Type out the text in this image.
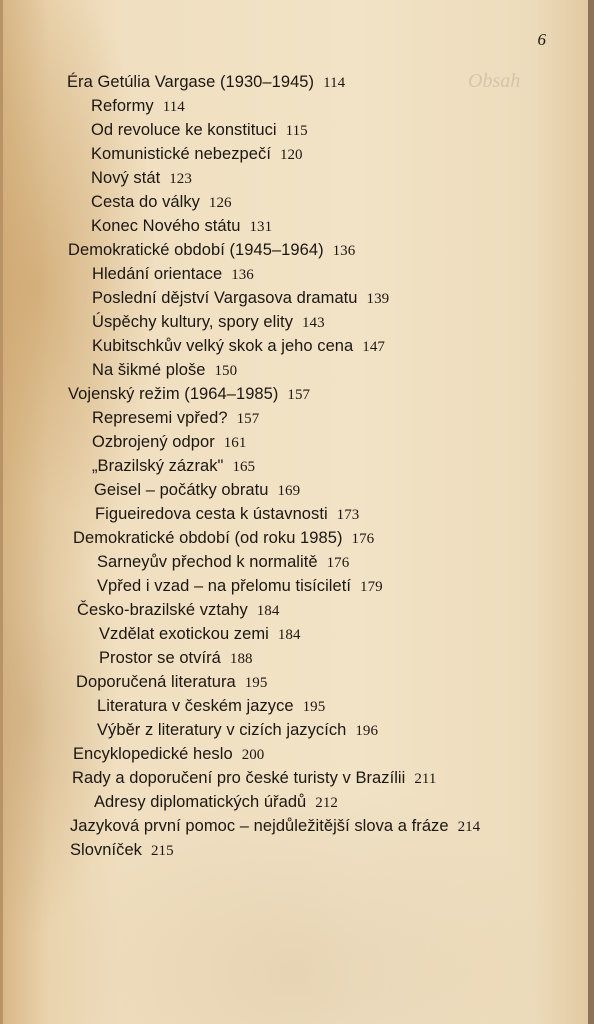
Obsah
6
Éra Getúlia Vargase (1930–1945) 114
Reformy 114
Od revoluce ke konstituci 115
Komunistické nebezpečí 120
Nový stát 123
Cesta do války 126
Konec Nového státu 131
Demokratické období (1945–1964) 136
Hledání orientace 136
Poslední dějství Vargasova dramatu 139
Úspěchy kultury, spory elity 143
Kubitschkův velký skok a jeho cena 147
Na šikmé ploše 150
Vojenský režim (1964–1985) 157
Represemi vpřed? 157
Ozbrojený odpor 161
„Brazilský zázrak" 165
Geisel – počátky obratu 169
Figueiredova cesta k ústavnosti 173
Demokratické období (od roku 1985) 176
Sarneyův přechod k normalitě 176
Vpřed i vzad – na přelomu tisíciletí 179
Česko-brazilské vztahy 184
Vzdělat exotickou zemi 184
Prostor se otvírá 188
Doporučená literatura 195
Literatura v českém jazyce 195
Výběr z literatury v cizích jazycích 196
Encyklopedické heslo 200
Rady a doporučení pro české turisty v Brazílii 211
Adresy diplomatických úřadů 212
Jazyková první pomoc – nejdůležitější slova a fráze 214
Slovníček 215
